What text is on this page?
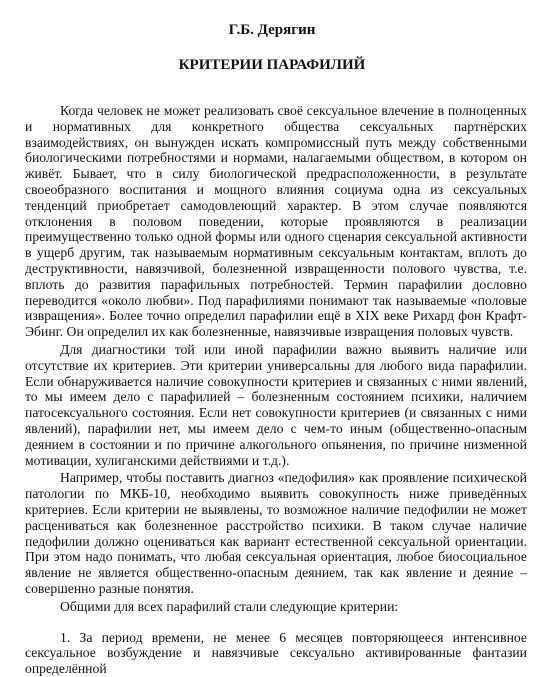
Г.Б. Дерягин
КРИТЕРИИ ПАРАФИЛИЙ

Когда человек не может реализовать своё сексуальное влечение в полноценных и нормативных для конкретного общества сексуальных партнёрских взаимодействиях, он вынужден искать компромиссный путь между собственными биологическими потребностями и нормами, налагаемыми обществом, в котором он живёт. Бывает, что в силу биологической предрасположенности, в результате своеобразного воспитания и мощного влияния социума одна из сексуальных тенденций приобретает самодовлеющий характер. В этом случае появляются отклонения в половом поведении, которые проявляются в реализации преимущественно только одной формы или одного сценария сексуальной активности в ущерб другим, так называемым нормативным сексуальным контактам, вплоть до деструктивности, навязчивой, болезненной извращенности полового чувства, т.е. вплоть до развития парафильных потребностей. Термин парафилии дословно переводится «около любви». Под парафилиями понимают так называемые «половые извращения». Более точно определил парафилии ещё в XIX веке Рихард фон Крафт-Эбинг. Он определил их как болезненные, навязчивые извращения половых чувств.

Для диагностики той или иной парафилии важно выявить наличие или отсутствие их критериев. Эти критерии универсальны для любого вида парафилии. Если обнаруживается наличие совокупности критериев и связанных с ними явлений, то мы имеем дело с парафилией – болезненным состоянием психики, наличием патосексуального состояния. Если нет совокупности критериев (и связанных с ними явлений), парафилии нет, мы имеем дело с чем-то иным (общественно-опасным деянием в состоянии и по причине алкогольного опьянения, по причине низменной мотивации, хулиганскими действиями и т.д.).

Например, чтобы поставить диагноз «педофилия» как проявление психической патологии по МКБ-10, необходимо выявить совокупность ниже приведённых критериев. Если критерии не выявлены, то возможное наличие педофилии не может расцениваться как болезненное расстройство психики. В таком случае наличие педофилии должно оцениваться как вариант естественной сексуальной ориентации. При этом надо понимать, что любая сексуальная ориентация, любое биосоциальное явление не является общественно-опасным деянием, так как явление и деяние – совершенно разные понятия.

Общими для всех парафилий стали следующие критерии:

1. За период времени, не менее 6 месяцев повторяющееся интенсивное сексуальное возбуждение и навязчивые сексуально активированные фантазии определённой
